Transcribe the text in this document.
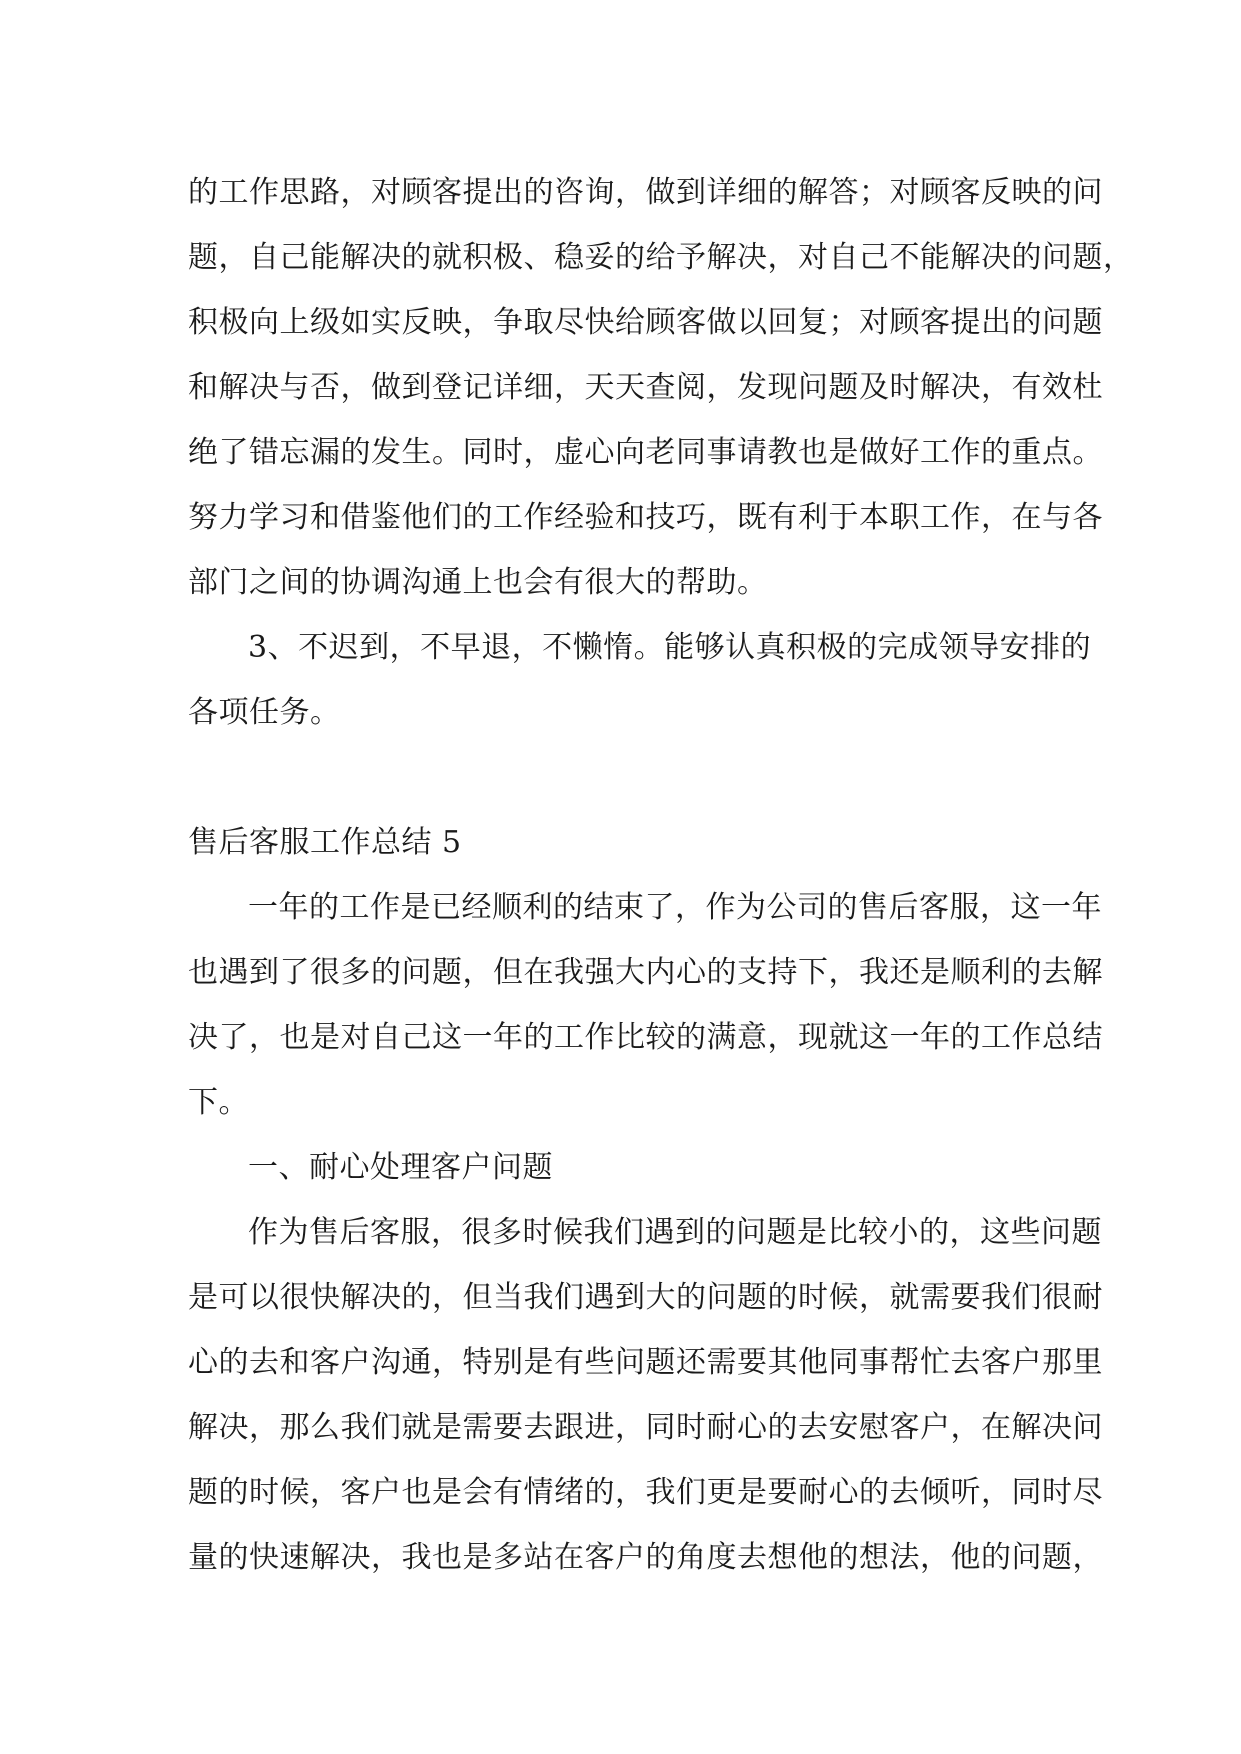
的工作思路，对顾客提出的咨询，做到详细的解答；对顾客反映的问
题，自己能解决的就积极、稳妥的给予解决，对自己不能解决的问题，
积极向上级如实反映，争取尽快给顾客做以回复；对顾客提出的问题
和解决与否，做到登记详细，天天查阅，发现问题及时解决，有效杜
绝了错忘漏的发生。同时，虚心向老同事请教也是做好工作的重点。
努力学习和借鉴他们的工作经验和技巧，既有利于本职工作，在与各
部门之间的协调沟通上也会有很大的帮助。
3、不迟到，不早退，不懒惰。能够认真积极的完成领导安排的
各项任务。
售后客服工作总结 5
一年的工作是已经顺利的结束了，作为公司的售后客服，这一年
也遇到了很多的问题，但在我强大内心的支持下，我还是顺利的去解
决了，也是对自己这一年的工作比较的满意，现就这一年的工作总结
下。
一、耐心处理客户问题
作为售后客服，很多时候我们遇到的问题是比较小的，这些问题
是可以很快解决的，但当我们遇到大的问题的时候，就需要我们很耐
心的去和客户沟通，特别是有些问题还需要其他同事帮忙去客户那里
解决，那么我们就是需要去跟进，同时耐心的去安慰客户，在解决问
题的时候，客户也是会有情绪的，我们更是要耐心的去倾听，同时尽
量的快速解决，我也是多站在客户的角度去想他的想法，他的问题，
